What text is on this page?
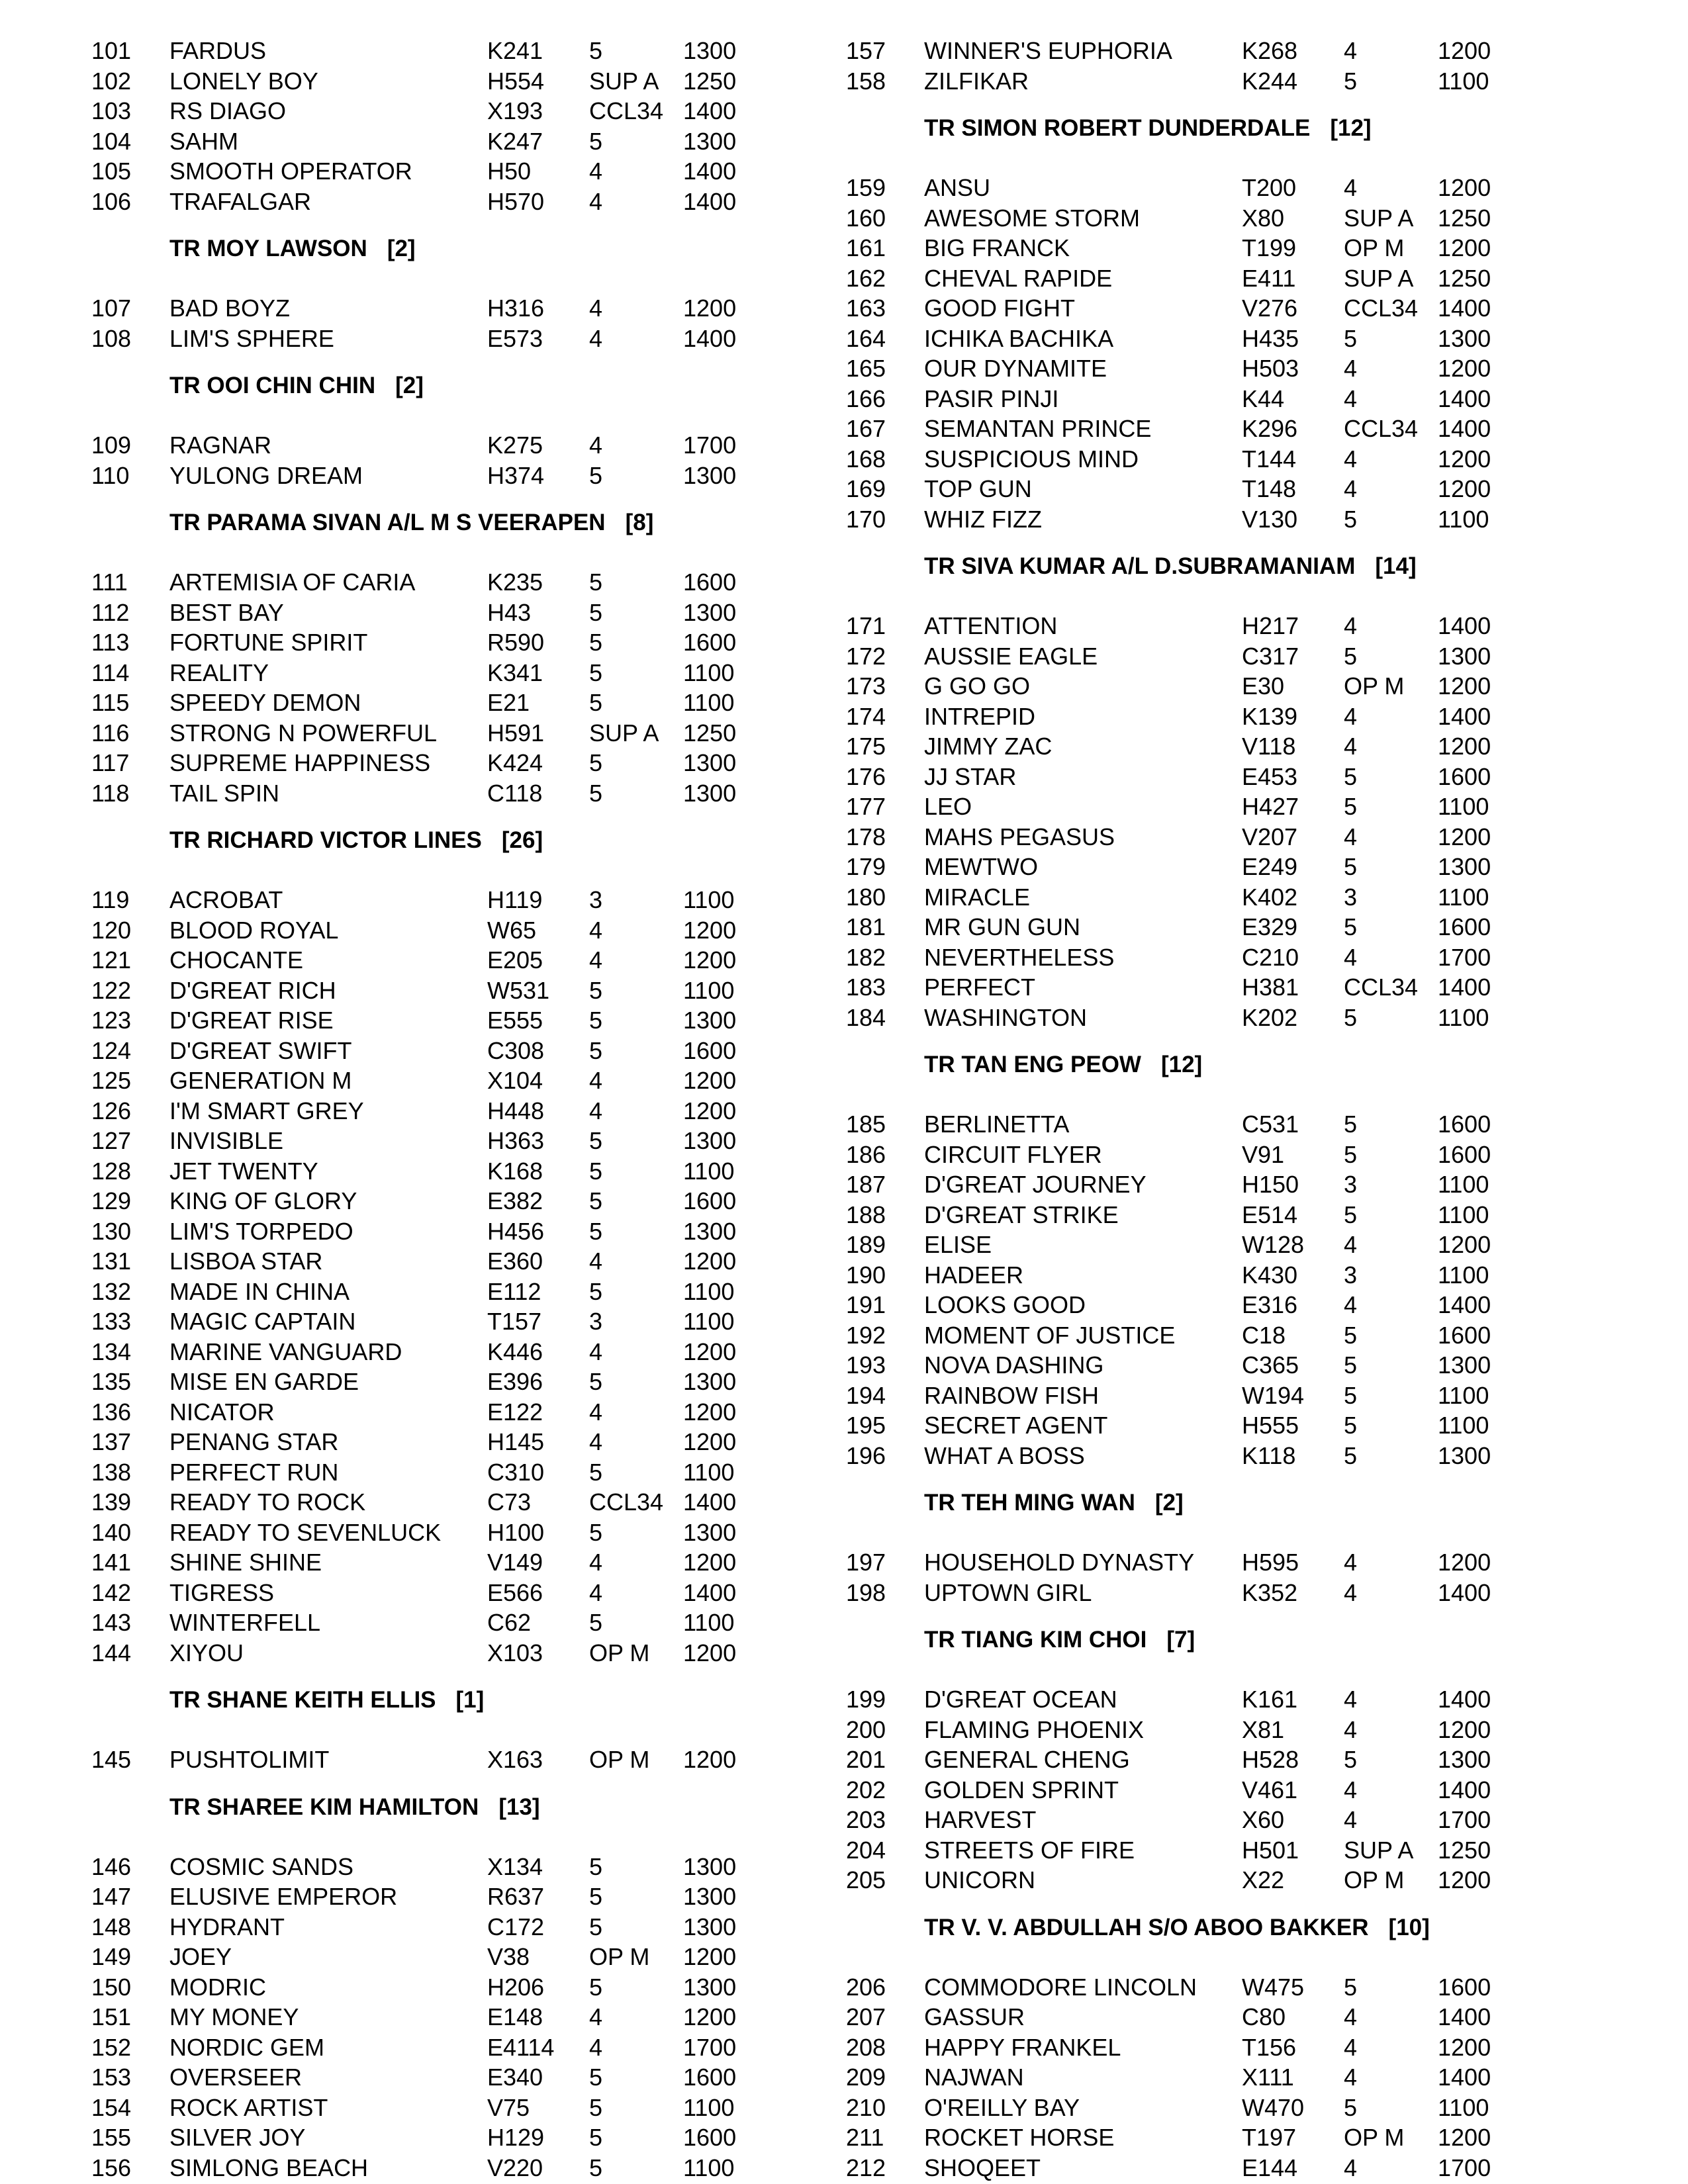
101 FARDUS	K241 5	1300
102 LONELY BOY	H554 SUP A 1250
103 RS DIAGO	X193 CCL34 1400
104 SAHM	K247 5	1300
105 SMOOTH OPERATOR	H50 4	1400
106 TRAFALGAR	H570 4	1400
TR MOY LAWSON [2]
107 BAD BOYZ	H316 4	1200
108 LIM'S SPHERE	E573 4	1400
TR OOI CHIN CHIN [2]
109 RAGNAR	K275 4	1700
110 YULONG DREAM	H374 5	1300
TR PARAMA SIVAN A/L M S VEERAPEN [8]
111 ARTEMISIA OF CARIA	K235 5	1600
112 BEST BAY	H43 5	1300
113 FORTUNE SPIRIT	R590 5	1600
114 REALITY	K341 5	1100
115 SPEEDY DEMON	E21 5	1100
116 STRONG N POWERFUL H591 SUP A 1250
117 SUPREME HAPPINESS K424 5	1300
118 TAIL SPIN	C118 5	1300
TR RICHARD VICTOR LINES [26]
119 ACROBAT	H119 3	1100
120 BLOOD ROYAL	W65 4	1200
121 CHOCANTE	E205 4	1200
122 D'GREAT RICH	W531 5	1100
123 D'GREAT RISE	E555 5	1300
124 D'GREAT SWIFT	C308 5	1600
125 GENERATION M	X104 4	1200
126 I'M SMART GREY	H448 4	1200
127 INVISIBLE	H363 5	1300
128 JET TWENTY	K168 5	1100
129 KING OF GLORY	E382 5	1600
130 LIM'S TORPEDO	H456 5	1300
131 LISBOA STAR	E360 4	1200
132 MADE IN CHINA	E112 5	1100
133 MAGIC CAPTAIN	T157 3	1100
134 MARINE VANGUARD	K446 4	1200
135 MISE EN GARDE	E396 5	1300
136 NICATOR	E122 4	1200
137 PENANG STAR	H145 4	1200
138 PERFECT RUN	C310 5	1100
139 READY TO ROCK	C73 CCL34 1400
140 READY TO SEVENLUCK H100 5	1300
141 SHINE SHINE	V149 4	1200
142 TIGRESS	E566 4	1400
143 WINTERFELL	C62 5	1100
144 XIYOU	X103 OP M 1200
TR SHANE KEITH ELLIS [1]
145 PUSHTOLIMIT	X163 OP M 1200
TR SHAREE KIM HAMILTON [13]
146 COSMIC SANDS	X134 5	1300
147 ELUSIVE EMPEROR	R637 5	1300
148 HYDRANT	C172 5	1300
149 JOEY	V38 OP M 1200
150 MODRIC	H206 5	1300
151 MY MONEY	E148 4	1200
152 NORDIC GEM	E4114 4	1700
153 OVERSEER	E340 5	1600
154 ROCK ARTIST	V75 5	1100
155 SILVER JOY	H129 5	1600
156 SIMLONG BEACH	V220 5	1100
157 WINNER'S EUPHORIA	K268 4	1200
158 ZILFIKAR	K244 5	1100
TR SIMON ROBERT DUNDERDALE [12]
159 ANSU	T200 4	1200
160 AWESOME STORM	X80 SUP A 1250
161 BIG FRANCK	T199 OP M 1200
162 CHEVAL RAPIDE	E411 SUP A 1250
163 GOOD FIGHT	V276 CCL34 1400
164 ICHIKA BACHIKA	H435 5	1300
165 OUR DYNAMITE	H503 4	1200
166 PASIR PINJI	K44 4	1400
167 SEMANTAN PRINCE	K296 CCL34 1400
168 SUSPICIOUS MIND	T144 4	1200
169 TOP GUN	T148 4	1200
170 WHIZ FIZZ	V130 5	1100
TR SIVA KUMAR A/L D.SUBRAMANIAM [14]
171 ATTENTION	H217 4	1400
172 AUSSIE EAGLE	C317 5	1300
173 G GO GO	E30 OP M 1200
174 INTREPID	K139 4	1400
175 JIMMY ZAC	V118 4	1200
176 JJ STAR	E453 5	1600
177 LEO	H427 5	1100
178 MAHS PEGASUS	V207 4	1200
179 MEWTWO	E249 5	1300
180 MIRACLE	K402 3	1100
181 MR GUN GUN	E329 5	1600
182 NEVERTHELESS	C210 4	1700
183 PERFECT	H381 CCL34 1400
184 WASHINGTON	K202 5	1100
TR TAN ENG PEOW [12]
185 BERLINETTA	C531 5	1600
186 CIRCUIT FLYER	V91 5	1600
187 D'GREAT JOURNEY	H150 3	1100
188 D'GREAT STRIKE	E514 5	1100
189 ELISE	W128 4	1200
190 HADEER	K430 3	1100
191 LOOKS GOOD	E316 4	1400
192 MOMENT OF JUSTICE	C18 5	1600
193 NOVA DASHING	C365 5	1300
194 RAINBOW FISH	W194 5	1100
195 SECRET AGENT	H555 5	1100
196 WHAT A BOSS	K118 5	1300
TR TEH MING WAN [2]
197 HOUSEHOLD DYNASTY H595 4	1200
198 UPTOWN GIRL	K352 4	1400
TR TIANG KIM CHOI [7]
199 D'GREAT OCEAN	K161 4	1400
200 FLAMING PHOENIX	X81 4	1200
201 GENERAL CHENG	H528 5	1300
202 GOLDEN SPRINT	V461 4	1400
203 HARVEST	X60 4	1700
204 STREETS OF FIRE	H501 SUP A 1250
205 UNICORN	X22 OP M 1200
TR V. V. ABDULLAH S/O ABOO BAKKER [10]
206 COMMODORE LINCOLN W475 5	1600
207 GASSUR	C80 4	1400
208 HAPPY FRANKEL	T156 4	1200
209 NAJWAN	X111 4	1400
210 O'REILLY BAY	W470 5	1100
211 ROCKET HORSE	T197 OP M 1200
212 SHOQEET	E144 4	1700
